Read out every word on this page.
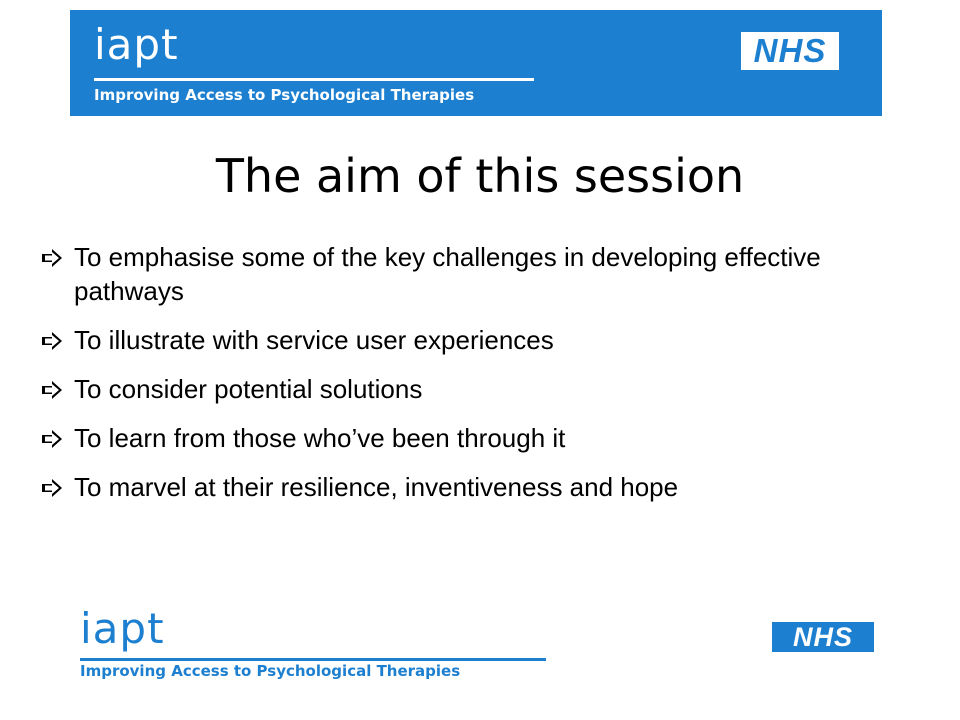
iapt
Improving Access to Psychological Therapies
NHS
The aim of this session
To emphasise some of the key challenges in developing effective pathways
To illustrate with service user experiences
To consider potential solutions
To learn from those who’ve been through it
To marvel at their resilience, inventiveness and hope
iapt
Improving Access to Psychological Therapies
NHS
